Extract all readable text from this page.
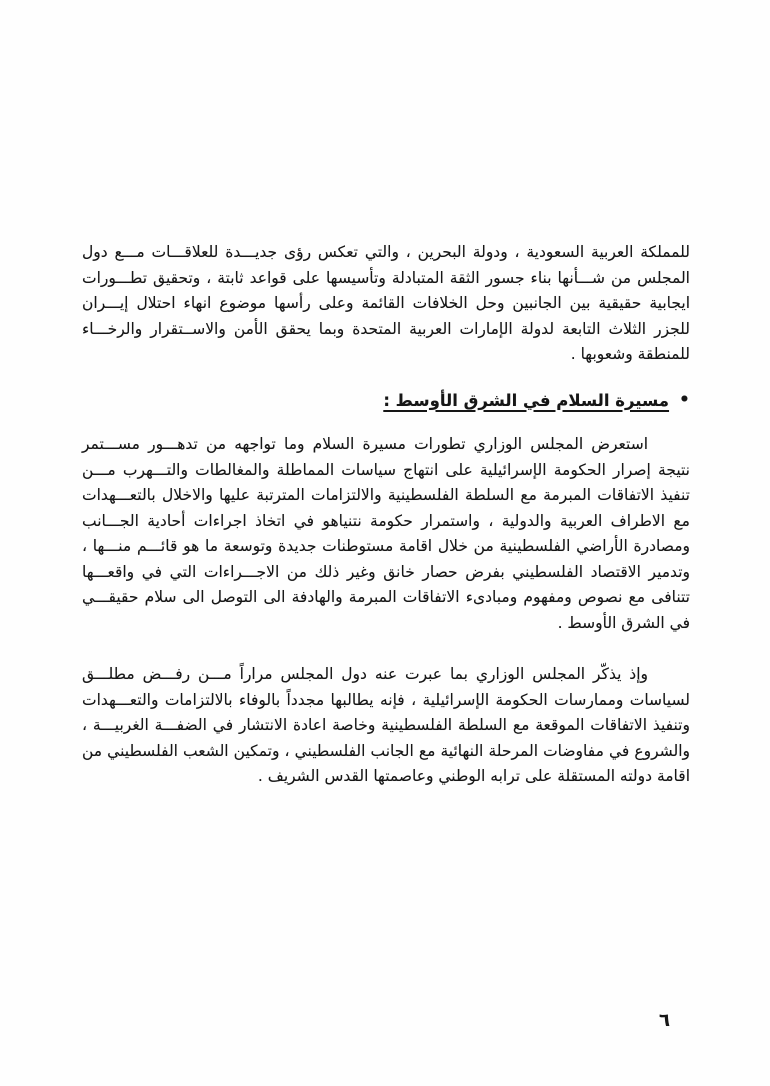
للمملكة العربية السعودية ، ودولة البحرين ، والتي تعكس رؤى جديـــدة للعلاقـــات مـــع دول المجلس من شـــأنها بناء جسور الثقة المتبادلة وتأسيسها على قواعد ثابتة ، وتحقيق تطـــورات ايجابية حقيقية بين الجانبين وحل الخلافات القائمة وعلى رأسها موضوع انهاء احتلال إيـــران للجزر الثلاث التابعة لدولة الإمارات العربية المتحدة وبما يحقق الأمن والاســتقرار والرخـــاء للمنطقة وشعوبها .

•مسيرة السلام في الشرق الأوسط :

استعرض المجلس الوزاري تطورات مسيرة السلام وما تواجهه من تدهـــور مســـتمر نتيجة إصرار الحكومة الإسرائيلية على انتهاج سياسات المماطلة والمغالطات والتـــهرب مـــن تنفيذ الاتفاقات المبرمة مع السلطة الفلسطينية والالتزامات المترتبة عليها والاخلال بالتعـــهدات مع الاطراف العربية والدولية ، واستمرار حكومة نتنياهو في اتخاذ اجراءات أحادية الجـــانب ومصادرة الأراضي الفلسطينية من خلال اقامة مستوطنات جديدة وتوسعة ما هو قائـــم منـــها ، وتدمير الاقتصاد الفلسطيني بفرض حصار خانق وغير ذلك من الاجـــراءات التي في واقعـــها تتنافى مع نصوص ومفهوم ومبادىء الاتفاقات المبرمة والهادفة الى التوصل الى سلام حقيقـــي في الشرق الأوسط .

وإذ يذكّر المجلس الوزاري بما عبرت عنه دول المجلس مراراً مـــن رفـــض مطلـــق لسياسات وممارسات الحكومة الإسرائيلية ، فإنه يطالبها مجدداً بالوفاء بالالتزامات والتعـــهدات وتنفيذ الاتفاقات الموقعة مع السلطة الفلسطينية وخاصة اعادة الانتشار في الضفـــة الغربيـــة ، والشروع في مفاوضات المرحلة النهائية مع الجانب الفلسطيني ، وتمكين الشعب الفلسطيني من اقامة دولته المستقلة على ترابه الوطني وعاصمتها القدس الشريف .

٦
